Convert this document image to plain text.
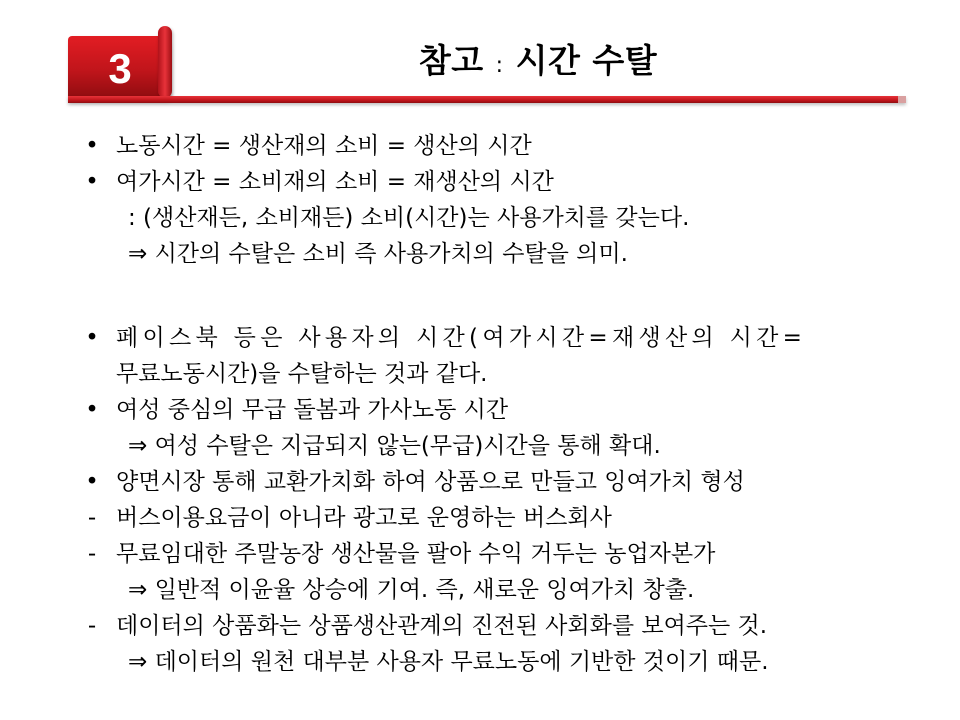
3	참고 : 시간 수탈
• 노동시간 = 생산재의 소비 = 생산의 시간
• 여가시간 = 소비재의 소비 = 재생산의 시간
: (생산재든, 소비재든) 소비(시간)는 사용가치를 갖는다.
⇒ 시간의 수탈은 소비 즉 사용가치의 수탈을 의미.
• 페이스북 등은 사용자의 시간(여가시간=재생산의 시간=
무료노동시간)을 수탈하는 것과 같다.
• 여성 중심의 무급 돌봄과 가사노동 시간
⇒ 여성 수탈은 지급되지 않는(무급)시간을 통해 확대.
• 양면시장 통해 교환가치화 하여 상품으로 만들고 잉여가치 형성
- 버스이용요금이 아니라 광고로 운영하는 버스회사
- 무료임대한 주말농장 생산물을 팔아 수익 거두는 농업자본가
⇒ 일반적 이윤율 상승에 기여. 즉, 새로운 잉여가치 창출.
- 데이터의 상품화는 상품생산관계의 진전된 사회화를 보여주는 것.
⇒ 데이터의 원천 대부분 사용자 무료노동에 기반한 것이기 때문.
